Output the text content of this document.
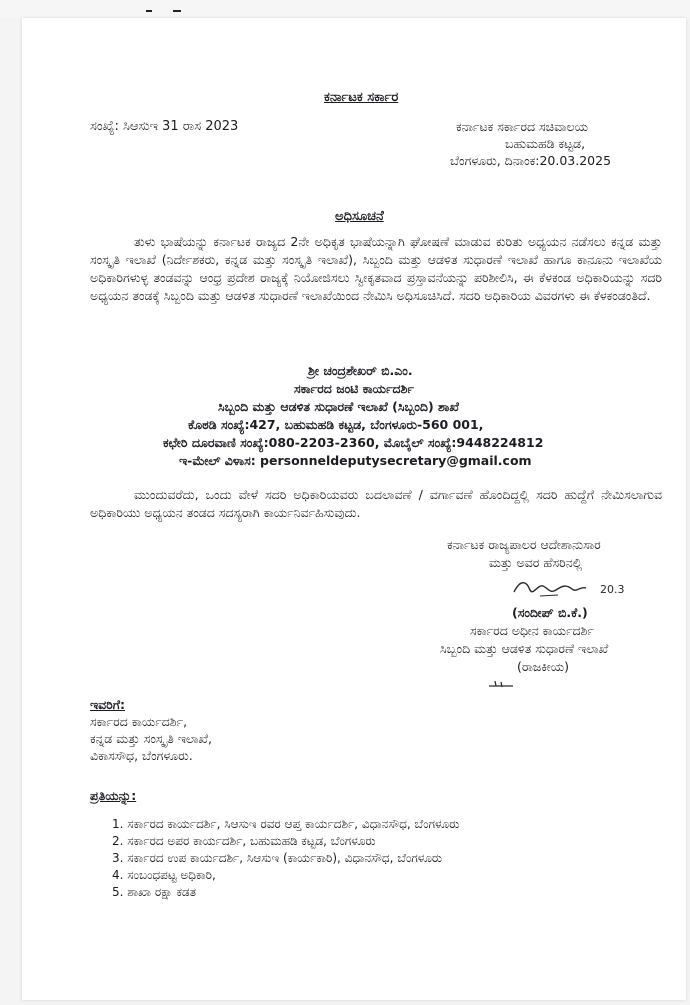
ಕರ್ನಾಟಕ ಸರ್ಕಾರ
ಸಂಖ್ಯೆ: ಸಿಆಸುಇ 31 ರಾಸ 2023	ಕರ್ನಾಟಕ ಸರ್ಕಾರದ ಸಚಿವಾಲಯ
ಬಹುಮಹಡಿ ಕಟ್ಟಡ,
ಬೆಂಗಳೂರು, ದಿನಾಂಕ:20.03.2025
ಅಧಿಸೂಚನೆ
ತುಳು ಭಾಷೆಯನ್ನು ಕರ್ನಾಟಕ ರಾಜ್ಯದ 2ನೇ ಅಧಿಕೃತ ಭಾಷೆಯನ್ನಾಗಿ ಘೋಷಣೆ ಮಾಡುವ ಕುರಿತು ಅಧ್ಯಯನ ನಡೆಸಲು ಕನ್ನಡ ಮತ್ತು ಸಂಸ್ಕೃತಿ ಇಲಾಖೆ (ನಿರ್ದೇಶಕರು, ಕನ್ನಡ ಮತ್ತು ಸಂಸ್ಕೃತಿ ಇಲಾಖೆ), ಸಿಬ್ಬಂದಿ ಮತ್ತು ಆಡಳಿತ ಸುಧಾರಣೆ ಇಲಾಖೆ ಹಾಗೂ ಕಾನೂನು ಇಲಾಖೆಯ ಅಧಿಕಾರಿಗಳುಳ್ಳ ತಂಡವನ್ನು ಆಂಧ್ರ ಪ್ರದೇಶ ರಾಜ್ಯಕ್ಕೆ ನಿಯೋಜಿಸಲು ಸ್ವೀಕೃತವಾದ ಪ್ರಸ್ತಾವನೆಯನ್ನು ಪರಿಶೀಲಿಸಿ, ಈ ಕೆಳಕಂಡ ಅಧಿಕಾರಿಯನ್ನು ಸದರಿ ಅಧ್ಯಯನ ತಂಡಕ್ಕೆ ಸಿಬ್ಬಂದಿ ಮತ್ತು ಆಡಳಿತ ಸುಧಾರಣೆ ಇಲಾಖೆಯಿಂದ ನೇಮಿಸಿ ಅಧಿಸೂಚಿಸಿದೆ. ಸದರಿ ಅಧಿಕಾರಿಯ ವಿವರಗಳು ಈ ಕೆಳಕಂಡಂತಿದೆ.
ಶ್ರೀ ಚಂದ್ರಶೇಖರ್ ಬಿ.ಎಂ.
ಸರ್ಕಾರದ ಜಂಟಿ ಕಾರ್ಯದರ್ಶಿ
ಸಿಬ್ಬಂದಿ ಮತ್ತು ಆಡಳಿತ ಸುಧಾರಣೆ ಇಲಾಖೆ (ಸಿಬ್ಬಂದಿ) ಶಾಖೆ
ಕೊಠಡಿ ಸಂಖ್ಯೆ:427, ಬಹುಮಹಡಿ ಕಟ್ಟಡ, ಬೆಂಗಳೂರು-560 001,
ಕಛೇರಿ ದೂರವಾಣಿ ಸಂಖ್ಯೆ:080-2203-2360, ಮೊಬೈಲ್ ಸಂಖ್ಯೆ:9448224812
ಇ-ಮೇಲ್ ವಿಳಾಸ: personneldeputysecretary@gmail.com
ಮುಂದುವರೆದು, ಒಂದು ವೇಳೆ ಸದರಿ ಅಧಿಕಾರಿಯವರು ಬದಲಾವಣೆ / ವರ್ಗಾವಣೆ ಹೊಂದಿದ್ದಲ್ಲಿ ಸದರಿ ಹುದ್ದೆಗೆ ನೇಮಿಸಲಾಗುವ ಅಧಿಕಾರಿಯು ಅಧ್ಯಯನ ತಂಡದ ಸದಸ್ಯರಾಗಿ ಕಾರ್ಯನಿರ್ವಹಿಸುವುದು.
ಕರ್ನಾಟಕ ರಾಜ್ಯಪಾಲರ ಆದೇಶಾನುಸಾರ
ಮತ್ತು ಅವರ ಹೆಸರಿನಲ್ಲಿ
20.3
(ಸಂದೀಪ್ ಬಿ.ಕೆ.)
ಸರ್ಕಾರದ ಅಧೀನ ಕಾರ್ಯದರ್ಶಿ
ಸಿಬ್ಬಂದಿ ಮತ್ತು ಆಡಳಿತ ಸುಧಾರಣೆ ಇಲಾಖೆ
(ರಾಜಕೀಯ)
ಇವರಿಗೆ:
ಸರ್ಕಾರದ ಕಾರ್ಯದರ್ಶಿ,
ಕನ್ನಡ ಮತ್ತು ಸಂಸ್ಕೃತಿ ಇಲಾಖೆ,
ವಿಕಾಸಸೌಧ, ಬೆಂಗಳೂರು.
ಪ್ರತಿಯನ್ನು:
1. ಸರ್ಕಾರದ ಕಾರ್ಯದರ್ಶಿ, ಸಿಆಸುಇ ರವರ ಆಪ್ತ ಕಾರ್ಯದರ್ಶಿ, ವಿಧಾನಸೌಧ, ಬೆಂಗಳೂರು
2. ಸರ್ಕಾರದ ಅಪರ ಕಾರ್ಯದರ್ಶಿ, ಬಹುಮಹಡಿ ಕಟ್ಟಡ, ಬೆಂಗಳೂರು
3. ಸರ್ಕಾರದ ಉಪ ಕಾರ್ಯದರ್ಶಿ, ಸಿಆಸುಇ (ಕಾರ್ಯಕಾರಿ), ವಿಧಾನಸೌಧ, ಬೆಂಗಳೂರು
4. ಸಂಬಂಧಪಟ್ಟ ಅಧಿಕಾರಿ,
5. ಶಾಖಾ ರಕ್ಷಾ ಕಡತ
